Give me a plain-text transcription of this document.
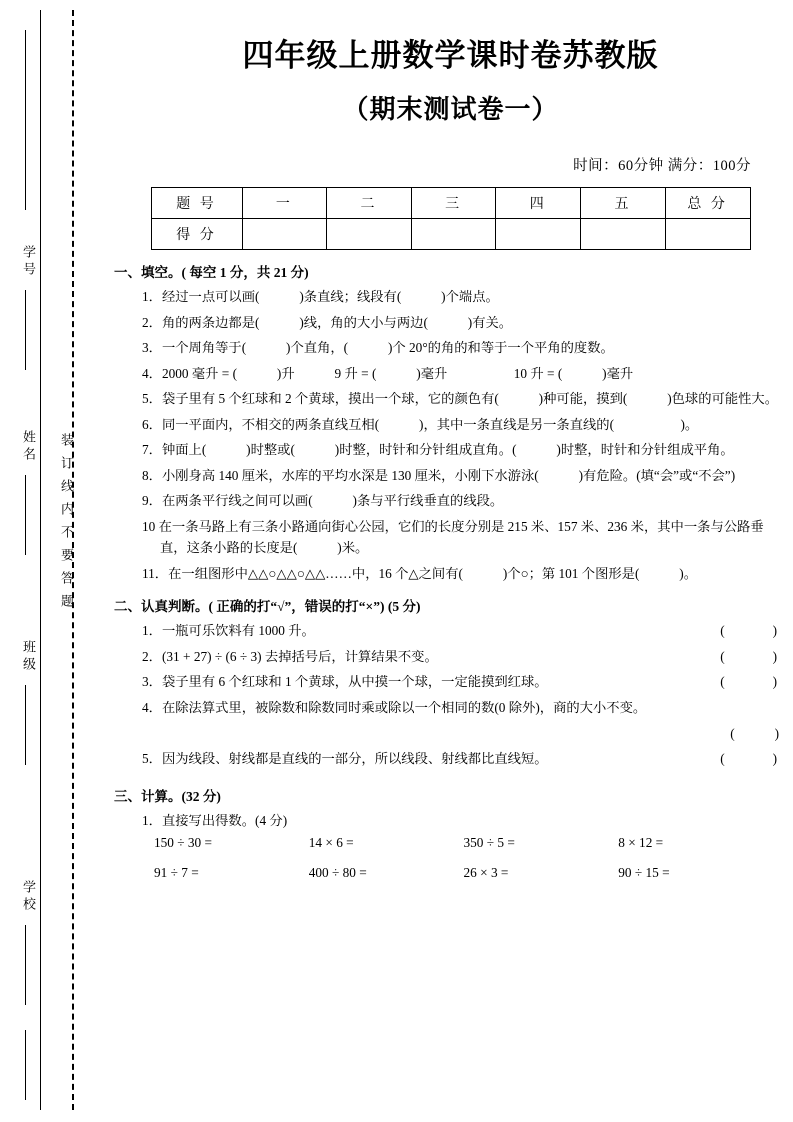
装订线内不要答题
学校
班级
姓名
学号
四年级上册数学课时卷苏教版
（期末测试卷一）
时间：60分钟 满分：100分
题 号	一	二	三	四	五	总 分
得 分						
一、填空。( 每空 1 分，共 21 分)
1．经过一点可以画(　　　)条直线；线段有(　　　)个端点。
2．角的两条边都是(　　　)线，角的大小与两边(　　　)有关。
3．一个周角等于(　　　)个直角，(　　　)个 20°的角的和等于一个平角的度数。
4．2000 毫升 = (　　　)升　　　9 升 = (　　　)毫升　　　　　10 升 = (　　　)毫升
5．袋子里有 5 个红球和 2 个黄球，摸出一个球，它的颜色有(　　　)种可能，摸到(　　　)色球的可能性大。
6．同一平面内，不相交的两条直线互相(　　　)，其中一条直线是另一条直线的(　　　　　)。
7．钟面上(　　　)时整或(　　　)时整，时针和分针组成直角。(　　　)时整，时针和分针组成平角。
8．小刚身高 140 厘米，水库的平均水深是 130 厘米，小刚下水游泳(　　　)有危险。(填“会”或“不会”)
9．在两条平行线之间可以画(　　　)条与平行线垂直的线段。
10 在一条马路上有三条小路通向街心公园，它们的长度分别是 215 米、157 米、236 米，其中一条与公路垂直，这条小路的长度是(　　　)米。
11．在一组图形中△△○△△○△△……中，16 个△之间有(　　　)个○；第 101 个图形是(　　　)。
二、认真判断。( 正确的打“√”，错误的打“×”) (5 分)
(　　　)
1．一瓶可乐饮料有 1000 升。
(　　　)
2．(31 + 27) ÷ (6 ÷ 3) 去掉括号后，计算结果不变。
(　　　)
3．袋子里有 6 个红球和 1 个黄球，从中摸一个球，一定能摸到红球。
4．在除法算式里，被除数和除数同时乘或除以一个相同的数(0 除外)，商的大小不变。
(　　　)
(　　　)
5．因为线段、射线都是直线的一部分，所以线段、射线都比直线短。
三、计算。(32 分)
1．直接写出得数。(4 分)
150 ÷ 30 =	14 × 6 =	350 ÷ 5 =	8 × 12 =
91 ÷ 7 =	400 ÷ 80 =	26 × 3 =	90 ÷ 15 =
